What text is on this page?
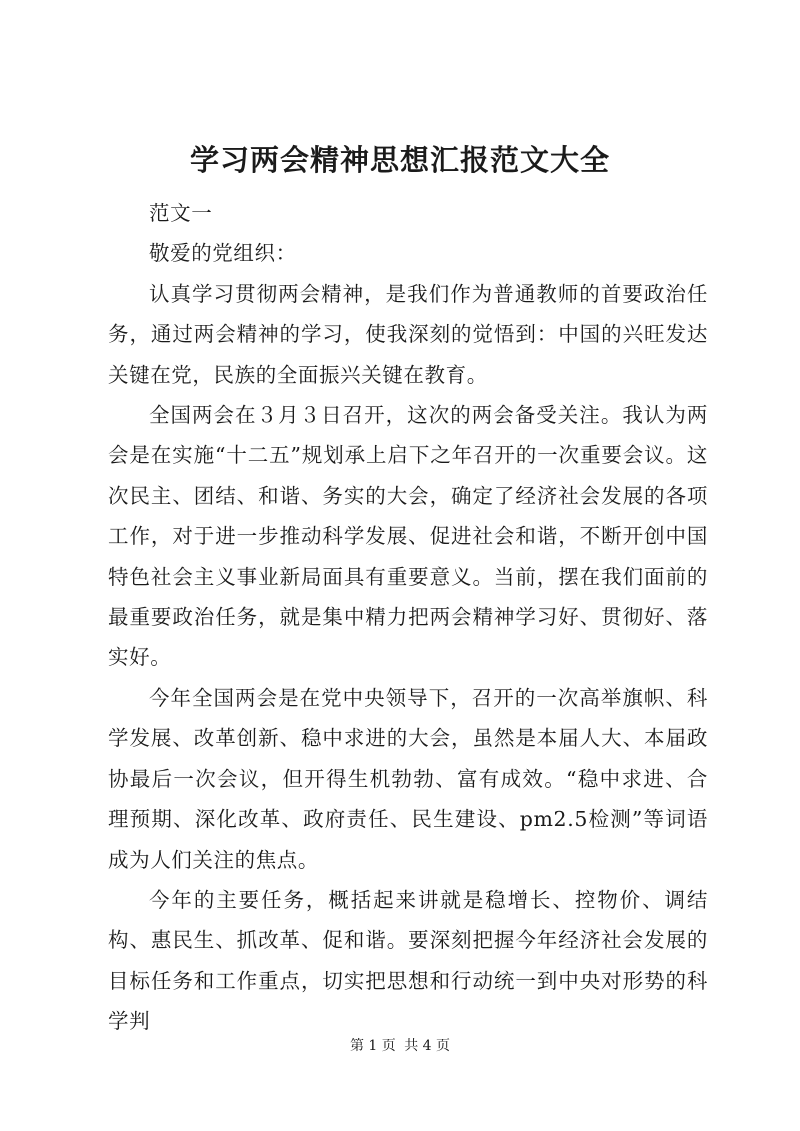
学习两会精神思想汇报范文大全

范文一

敬爱的党组织：

认真学习贯彻两会精神，是我们作为普通教师的首要政治任务，通过两会精神的学习，使我深刻的觉悟到：中国的兴旺发达关键在党，民族的全面振兴关键在教育。

全国两会在３月３日召开，这次的两会备受关注。我认为两会是在实施“十二五”规划承上启下之年召开的一次重要会议。这次民主、团结、和谐、务实的大会，确定了经济社会发展的各项工作，对于进一步推动科学发展、促进社会和谐，不断开创中国特色社会主义事业新局面具有重要意义。当前，摆在我们面前的最重要政治任务，就是集中精力把两会精神学习好、贯彻好、落实好。

今年全国两会是在党中央领导下，召开的一次高举旗帜、科学发展、改革创新、稳中求进的大会，虽然是本届人大、本届政协最后一次会议，但开得生机勃勃、富有成效。“稳中求进、合理预期、深化改革、政府责任、民生建设、pm2.5检测”等词语成为人们关注的焦点。

今年的主要任务，概括起来讲就是稳增长、控物价、调结构、惠民生、抓改革、促和谐。要深刻把握今年经济社会发展的目标任务和工作重点，切实把思想和行动统一到中央对形势的科学判

第 1 页 共 4 页
